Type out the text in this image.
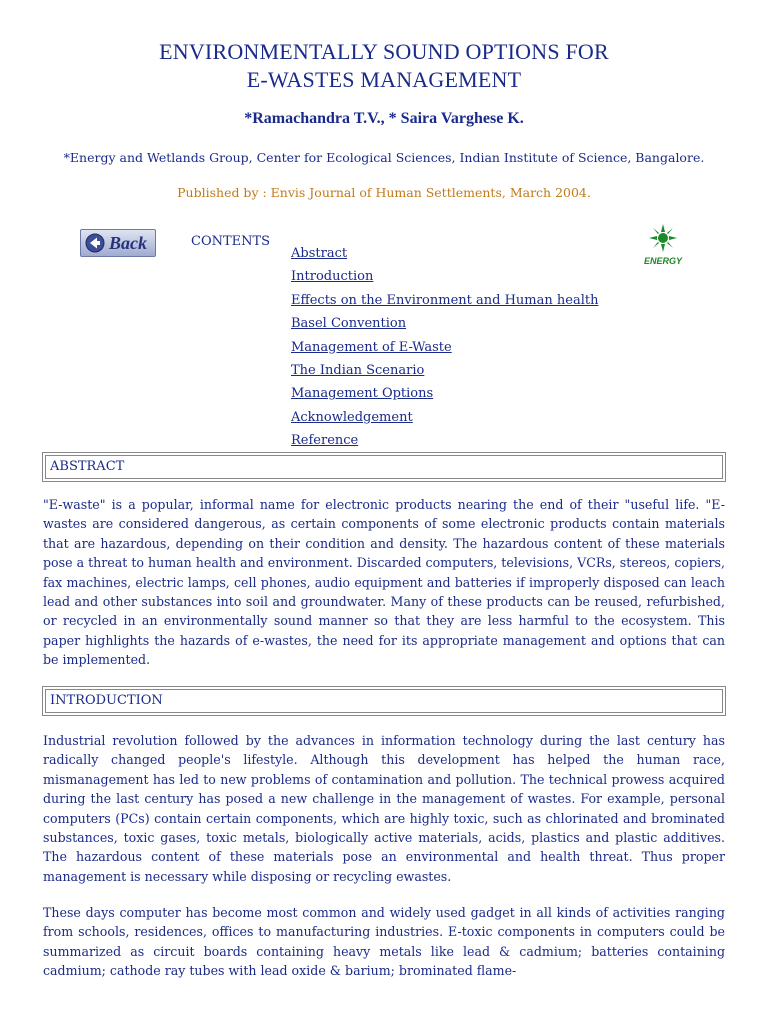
ENVIRONMENTALLY SOUND OPTIONS FOR
E-WASTES MANAGEMENT
*Ramachandra T.V., * Saira Varghese K.
*Energy and Wetlands Group, Center for Ecological Sciences, Indian Institute of Science, Bangalore.
Published by : Envis Journal of Human Settlements, March 2004.
Back	CONTENTS
Abstract
Introduction
Effects on the Environment and Human health
Basel Convention
Management of E-Waste
The Indian Scenario
Management Options
Acknowledgement
Reference
ENERGY
ABSTRACT

"E-waste" is a popular, informal name for electronic products nearing the end of their "useful life. "E-wastes are considered dangerous, as certain components of some electronic products contain materials that are hazardous, depending on their condition and density. The hazardous content of these materials pose a threat to human health and environment. Discarded computers, televisions, VCRs, stereos, copiers, fax machines, electric lamps, cell phones, audio equipment and batteries if improperly disposed can leach lead and other substances into soil and groundwater. Many of these products can be reused, refurbished, or recycled in an environmentally sound manner so that they are less harmful to the ecosystem. This paper highlights the hazards of e-wastes, the need for its appropriate management and options that can be implemented.

INTRODUCTION

Industrial revolution followed by the advances in information technology during the last century has radically changed people's lifestyle. Although this development has helped the human race, mismanagement has led to new problems of contamination and pollution. The technical prowess acquired during the last century has posed a new challenge in the management of wastes. For example, personal computers (PCs) contain certain components, which are highly toxic, such as chlorinated and brominated substances, toxic gases, toxic metals, biologically active materials, acids, plastics and plastic additives. The hazardous content of these materials pose an environmental and health threat. Thus proper management is necessary while disposing or recycling ewastes.

These days computer has become most common and widely used gadget in all kinds of activities ranging from schools, residences, offices to manufacturing industries. E-toxic components in computers could be summarized as circuit boards containing heavy metals like lead & cadmium; batteries containing cadmium; cathode ray tubes with lead oxide & barium; brominated flame-
